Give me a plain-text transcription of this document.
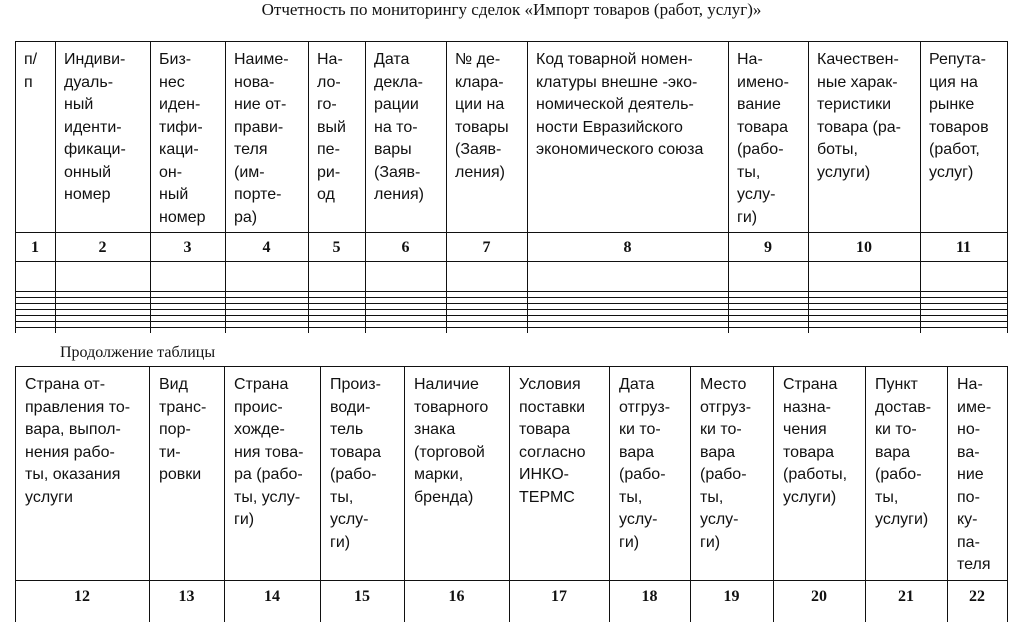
Отчетность по мониторингу сделок «Импорт товаров (работ, услуг)»
п/
п
1
Индиви-
дуаль-
ный
иденти-
фикаци-
онный
номер
2
Биз-
нес
иден-
тифи-
каци-
он-
ный
номер
3
Наиме-
нова-
ние от-
прави-
теля
(им-
порте-
ра)
4
На-
ло-
го-
вый
пе-
ри-
од
5
Дата
декла-
рации
на то-
вары
(Заяв-
ления)
6
№ де-
клара-
ции на
товары
(Заяв-
ления)
7
Код товарной номен-
клатуры внешне -эко-
номической деятель-
ности Евразийского
экономического союза
8
На-
имено-
вание
товара
(рабо-
ты,
услу-
ги)
9
Качествен-
ные харак-
теристики
товара (ра-
боты,
услуги)
10
Репута-
ция на
рынке
товаров
(работ,
услуг)
11
Продолжение таблицы
Страна от-
правления то-
вара, выпол-
нения рабо-
ты, оказания
услуги
12
Вид
транс-
пор-
ти-
ровки
13
Страна
проис-
хожде-
ния това-
ра (рабо-
ты, услу-
ги)
14
Произ-
води-
тель
товара
(рабо-
ты,
услу-
ги)
15
Наличие
товарного
знака
(торговой
марки,
бренда)
16
Условия
поставки
товара
согласно
ИНКО-
ТЕРМС
17
Дата
отгруз-
ки то-
вара
(рабо-
ты,
услу-
ги)
18
Место
отгруз-
ки то-
вара
(рабо-
ты,
услу-
ги)
19
Страна
назна-
чения
товара
(работы,
услуги)
20
Пункт
достав-
ки то-
вара
(рабо-
ты,
услуги)
21
На-
име-
но-
ва-
ние
по-
ку-
па-
теля
22
